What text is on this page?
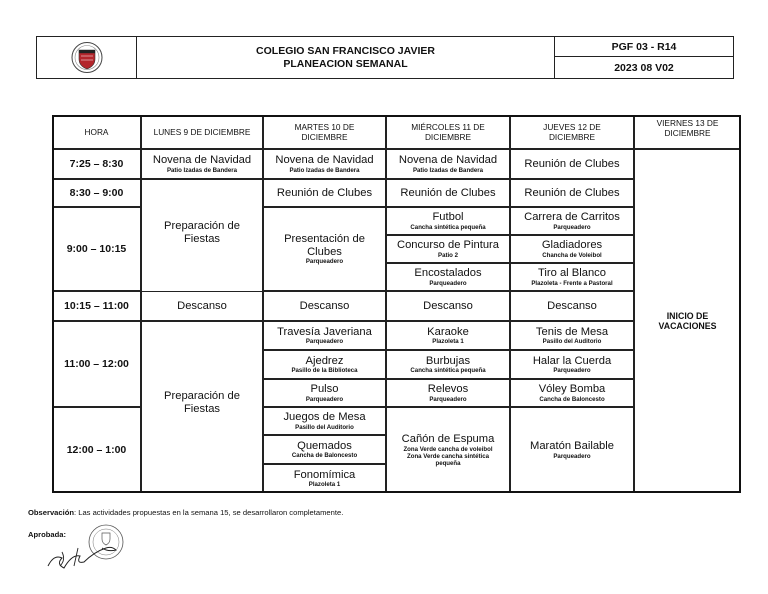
COLEGIO SAN FRANCISCO JAVIER
PLANEACION SEMANAL
PGF 03 - R14
2023 08 V02
HORA	LUNES 9 DE DICIEMBRE	MARTES 10 DE DICIEMBRE
MIÉRCOLES 11 DE DICIEMBRE
JUEVES 12 DE DICIEMBRE
VIERNES 13 DE DICIEMBRE
7:25 – 8:30
8:30 – 9:00
9:00 – 10:15
10:15 – 11:00
11:00 – 12:00
12:00 – 1:00
Novena de Navidad
Patio Izadas de Bandera
Preparación de Fiestas
Descanso
Preparación de Fiestas
Novena de Navidad
Patio Izadas de Bandera
Reunión de Clubes
Presentación de Clubes
Parqueadero
Descanso
Travesía Javeriana
Parqueadero
Ajedrez
Pasillo de la Biblioteca
Pulso
Parqueadero
Juegos de Mesa
Pasillo del Auditorio
Quemados
Cancha de Baloncesto
Fonomímica
Plazoleta 1
Novena de Navidad
Patio Izadas de Bandera
Reunión de Clubes
Futbol
Cancha sintética pequeña
Concurso de Pintura
Patio 2
Encostalados
Parqueadero
Descanso
Karaoke
Plazoleta 1
Burbujas
Cancha sintética pequeña
Relevos
Parqueadero
Cañón de Espuma
Zona Verde cancha de voleibol
Zona Verde cancha sintética pequeña
Reunión de Clubes
Reunión de Clubes
Carrera de Carritos
Parqueadero
Gladiadores
Chancha de Voleibol
Tiro al Blanco
Plazoleta - Frente a Pastoral
Descanso
Tenis de Mesa
Pasillo del Auditorio
Halar la Cuerda
Parqueadero
Vóley Bomba
Cancha de Baloncesto
Maratón Bailable
Parqueadero
INICIO DE VACACIONES
Observación: Las actividades propuestas en la semana 15, se desarrollaron completamente.
Aprobada:
